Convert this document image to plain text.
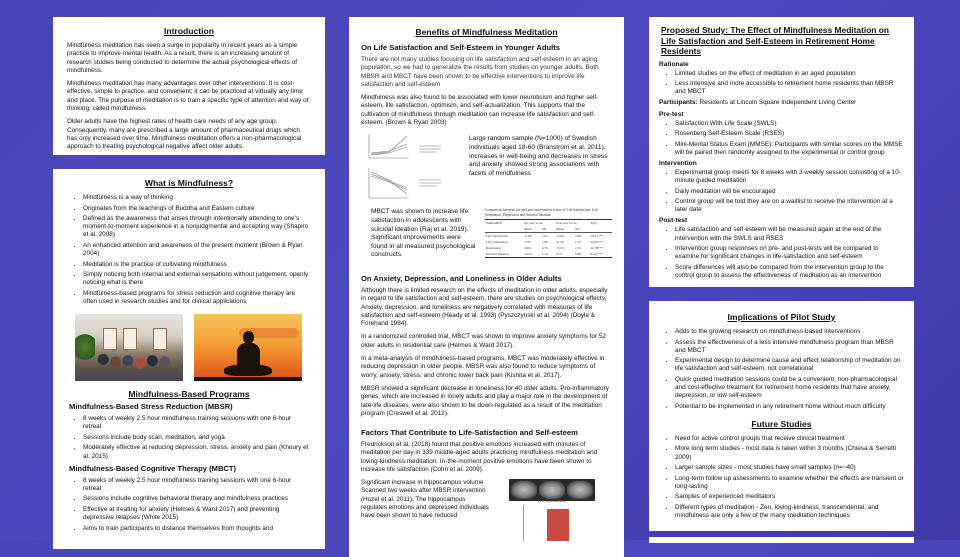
Introduction

Mindfulness meditation has seen a surge in popularity in recent years as a simple practice to improve mental health. As a result, there is an increasing amount of research studies being conducted to determine the actual psychological effects of mindfulness.

Mindfulness meditation has many advantages over other interventions. It is cost-effective, simple to practice, and convenient; it can be practiced at virtually any time and place. The purpose of meditation is to train a specific type of attention and way of thinking, called mindfulness.

Older adults have the highest rates of health care needs of any age group. Consequently, many are prescribed a large amount of pharmaceutical drugs which has only increased over time. Mindfulness meditation offers a non-pharmacological approach to treating psychological negative affect older adults.

What is Mindfulness?
• Mindfulness is a way of thinking
• Originates from the teachings of Buddha and Eastern culture
• Defined as the awareness that arises through intentionally attending to one's moment-to-moment experience in a nonjudgmental and accepting way (Shapiro et al. 2008)
• An enhanced attention and awareness of the present moment (Brown & Ryan 2004)
• Meditation is the practice of cultivating mindfulness
• Simply noticing both internal and external sensations without judgement, openly noticing what is there
• Mindfulness-based programs for stress reduction and cognitive therapy are often used in research studies and for clinical applications
Mindfulness-Based Programs
Mindfulness-Based Stress Reduction (MBSR)
• 8 weeks of weekly 2.5 hour mindfulness training sessions with one 6-hour retreat
• Sessions include body scan, meditation, and yoga
• Moderately effective at reducing depression, stress, anxiety and pain (Khoury et al. 2015)
Mindfulness-Based Cognitive Therapy (MBCT)
• 8 weeks of weekly 2.5 hour mindfulness training sessions with one 6-hour retreat
• Sessions include cognitive behavioral therapy and mindfulness practices
• Effective at treating for anxiety (Helmes & Ward 2017) and preventing depressive relapses (White 2015)
• Aims to train participants to distance themselves from thoughts and
Benefits of Mindfulness Meditation
On Life Satisfaction and Self-Esteem in Younger Adults

There are not many studies focusing on life satisfaction and self-esteem in an aging population, so we had to generalize the results from studies on younger adults. Both MBSR and MBCT have been shown to be effective interventions to improve life satisfaction and self-esteem

Mindfulness was also found to be associated with lower neuroticism and higher self-esteem, life satisfaction, optimism, and self-actualization. This supports that the cultivation of mindfulness through meditation can increase life satisfaction and self-esteem. (Brown & Ryan 2003)

Large random sample (N=1000) of Swedish individuals aged 18-60 (Branstrom et al. 2011). Increases in well-being and decreases in stress and anxiety showed strong associations with facets of mindfulness
MBCT was shown to increase life satisfaction in adolescents with suicidal ideation (Raj et al. 2019). Significant improvements were found in all measured psychological constructs.
Comparison between pre and post intervention scores of Life Satisfaction, Life Orientation, Depression and Suicidal Ideation.
VARIABLE	Pre-test Score		Post-test Score		T(n)
	Mean	SD	Mean	SD	
Life Satisfaction	11.83	1.03	15.96	2.06	28.21***
Life Orientation	7.58	1.98	21.46	1.52	39.45***
Depression	29.01	4.79	13.53	2.74	22.78***
Suicidal Ideation	19.23	1.14	4.75	0.80	81.81***
On Anxiety, Depression, and Loneliness in Older Adults

Although there is limited research on the effects of meditation in older adults, especially in regard to life satisfaction and self-esteem, there are studies on psychological effects, Anxiety, depression, and loneliness are negatively correlated with measures of life satisfaction and self-esteem (Heady et al. 1993) (Pyszczynski et al. 2004) (Doyle & Forehand 1984).

In a randomized controlled trial, MBCT was shown to improve anxiety symptoms for 52 older adults in residential care (Helmes & Ward 2017).

In a meta-analysis of mindfulness-based programs, MBCT was moderately effective in reducing depression in older people. MBSR was also found to reduce symptoms of worry, anxiety, stress, and chronic lower back pain (Kishita et al. 2017).

MBSR showed a significant decrease in loneliness for 40 older adults. Pro-inflammatory genes, which are increased in lonely adults and play a major role in the development of late-life diseases, were also shown to be down-regulated as a result of the meditation program (Creswell et al. 2012).

Factors That Contribute to Life-Satisfaction and Self-esteem

Fredrickson et al. (2018) found that positive emotions increased with minutes of meditation per day in 339 middle-aged adults practicing mindfulness meditation and loving-kindness meditation. In-the-moment positive emotions have been shown to increase life satisfaction (Cohn et al. 2009).

Significant increase in hippocampus volume Scanned two weeks after MBSR intervention (Hozel et al. 2011). The hippocampus regulates emotions and depressed individuals have been shown to have reduced
Left hippocampus
Proposed Study: The Effect of Mindfulness Meditation on Life Satisfaction and Self-Esteem in Retirement Home Residents
Rationale
• Limited studies on the effect of meditation in an aged population
• Less intensive and more accessible to retirement home residents than MBSR and MBCT
Participants: Residents at Lincoln Square Independent Living Center
Pre-test
• Satisfaction With Life Scale (SWLS)
• Rosenberg Self-Esteem Scale (RSES)
• Mini-Mental Status Exam (MMSE): Participants with similar scores on the MMSE will be paired then randomly assigned to the experimental or control group
Intervention
• Experimental group meets for 8 weeks with 3 weekly session consisting of a 10-minute guided meditation
• Daily meditation will be encouraged
• Control group will be told they are on a waitlist to receive the intervention at a later date
Post-test
• Life satisfaction and self-esteem will be measured again at the end of the intervention with the SWLS and RSES
• Intervention group responses on pre- and post-tests will be compared to examine for significant changes in life-satisfaction and self-esteem
• Score differences will also be compared from the intervention group to the control group to assess the effectiveness of meditation as an intervention
Implications of Pilot Study
• Adds to the growing research on mindfulness-based interventions
• Assess the effectiveness of a less intensive mindfulness program than MBSR and MBCT
• Experimental design to determine cause and effect relationship of meditation on life satisfaction and self-esteem, not correlational
• Quick guided meditation sessions could be a convenient, non-pharmacological and cost-effective treatment for retirement home residents that have anxiety, depression, or low self-esteem
• Potential to be implemented in any retirement home without much difficulty
Future Studies
• Need for active control groups that receive clinical treatment
• More long term studies - most data is taken within 3 months (Chiesa & Serretti 2009)
• Larger sample sizes - most studies have small samples (n=~40)
• Long-term follow up assessments to examine whether the effects are transient or long-lasting
• Samples of experienced meditators
• Different types of meditation - Zen, loving-kindness, transcendental, and mindfulness are only a few of the many meditation techniques
